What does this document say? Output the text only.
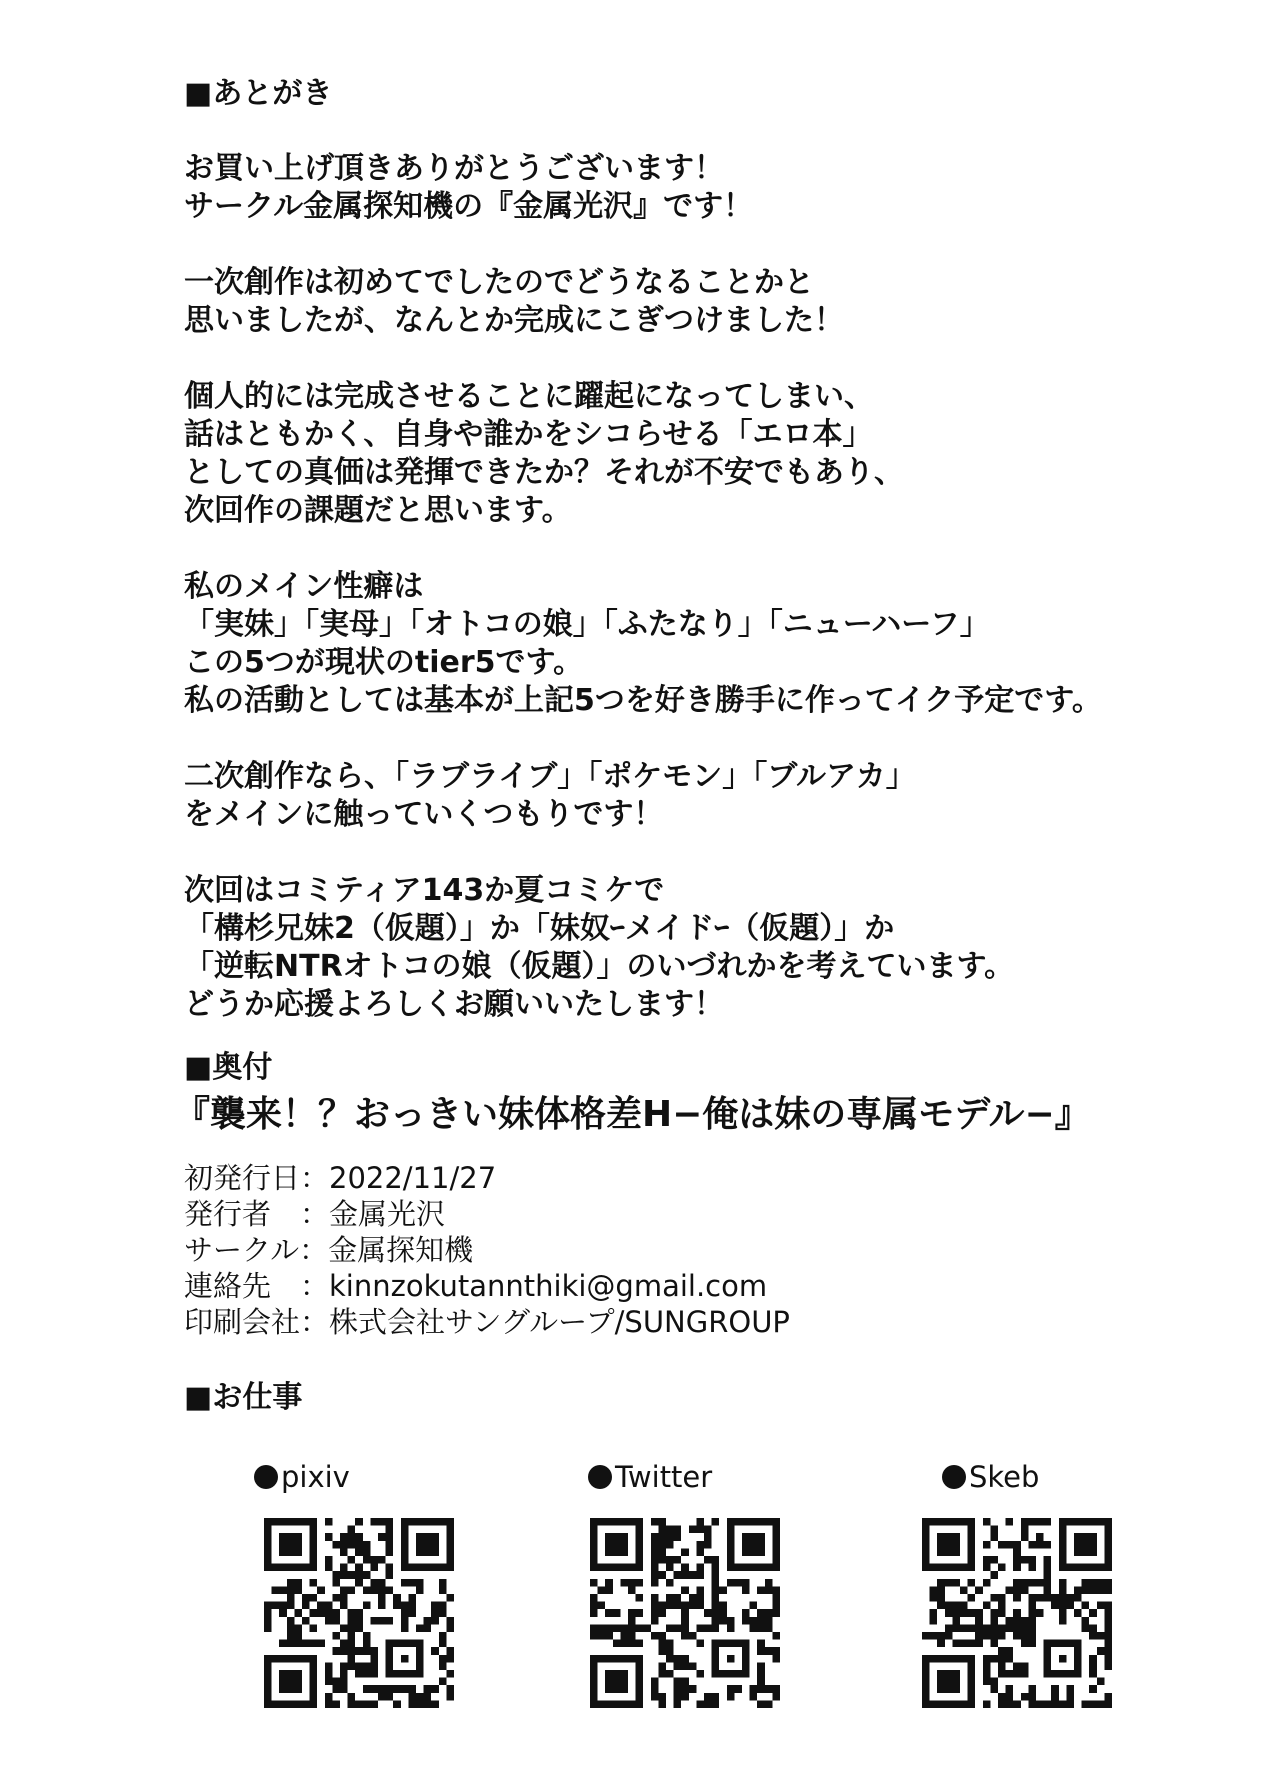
■あとがき
お買い上げ頂きありがとうございます！
サークル金属探知機の『金属光沢』です！
一次創作は初めてでしたのでどうなることかと
思いましたが、なんとか完成にこぎつけました！
個人的には完成させることに躍起になってしまい、
話はともかく、自身や誰かをシコらせる「エロ本」
としての真価は発揮できたか？それが不安でもあり、
次回作の課題だと思います。
私のメイン性癖は
「実妹」「実母」「オトコの娘」「ふたなり」「ニューハーフ」
この5つが現状のtier5です。
私の活動としては基本が上記5つを好き勝手に作ってイク予定です。
二次創作なら、「ラブライブ」「ポケモン」「ブルアカ」
をメインに触っていくつもりです！
次回はコミティア143か夏コミケで
「構杉兄妹2（仮題）」か「妹奴ｰメイドｰ（仮題）」か
「逆転NTRオトコの娘（仮題）」のいづれかを考えています。
どうか応援よろしくお願いいたします！
■奥付
『襲来！？おっきい妹体格差H−俺は妹の専属モデル−』
初発行日：2022/11/27
発行者　：金属光沢
サークル：金属探知機
連絡先　：kinnzokutannthiki@gmail.com
印刷会社：株式会社サングループ/SUNGROUP
■お仕事
pixiv	Twitter	Skeb
